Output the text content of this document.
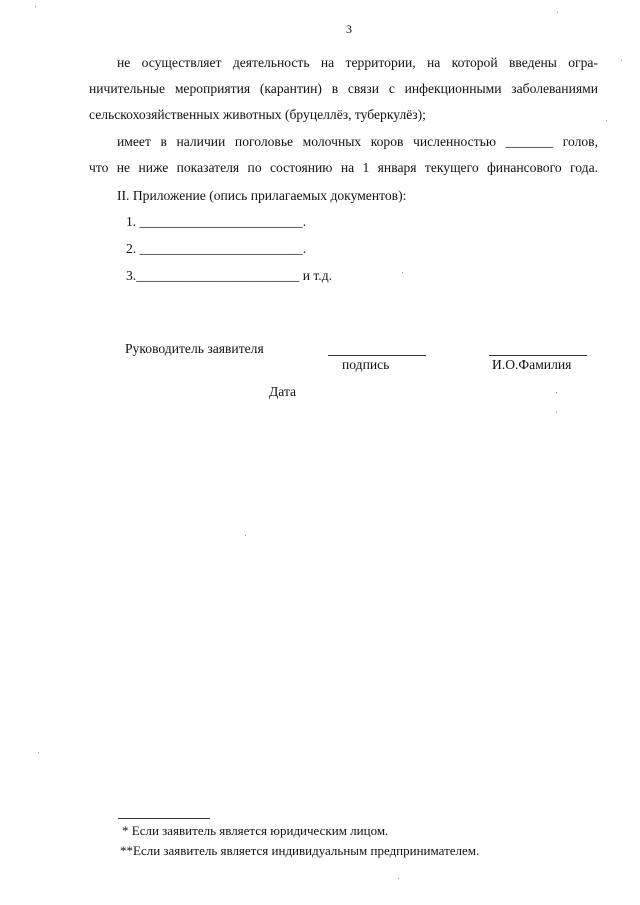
3
не осуществляет деятельность на территории, на которой введены огра-
ничительные мероприятия (карантин) в связи с инфекционными заболеваниями
сельскохозяйственных животных (бруцеллёз, туберкулёз);
имеет в наличии поголовье молочных коров численностью _______ голов,
что не ниже показателя по состоянию на 1 января текущего финансового года.
II. Приложение (опись прилагаемых документов):
1. ________________________.
2. ________________________.
3.________________________ и т.д.
Руководитель заявителя
подпись	И.О.Фамилия
Дата
* Если заявитель является юридическим лицом.
**Если заявитель является индивидуальным предпринимателем.
